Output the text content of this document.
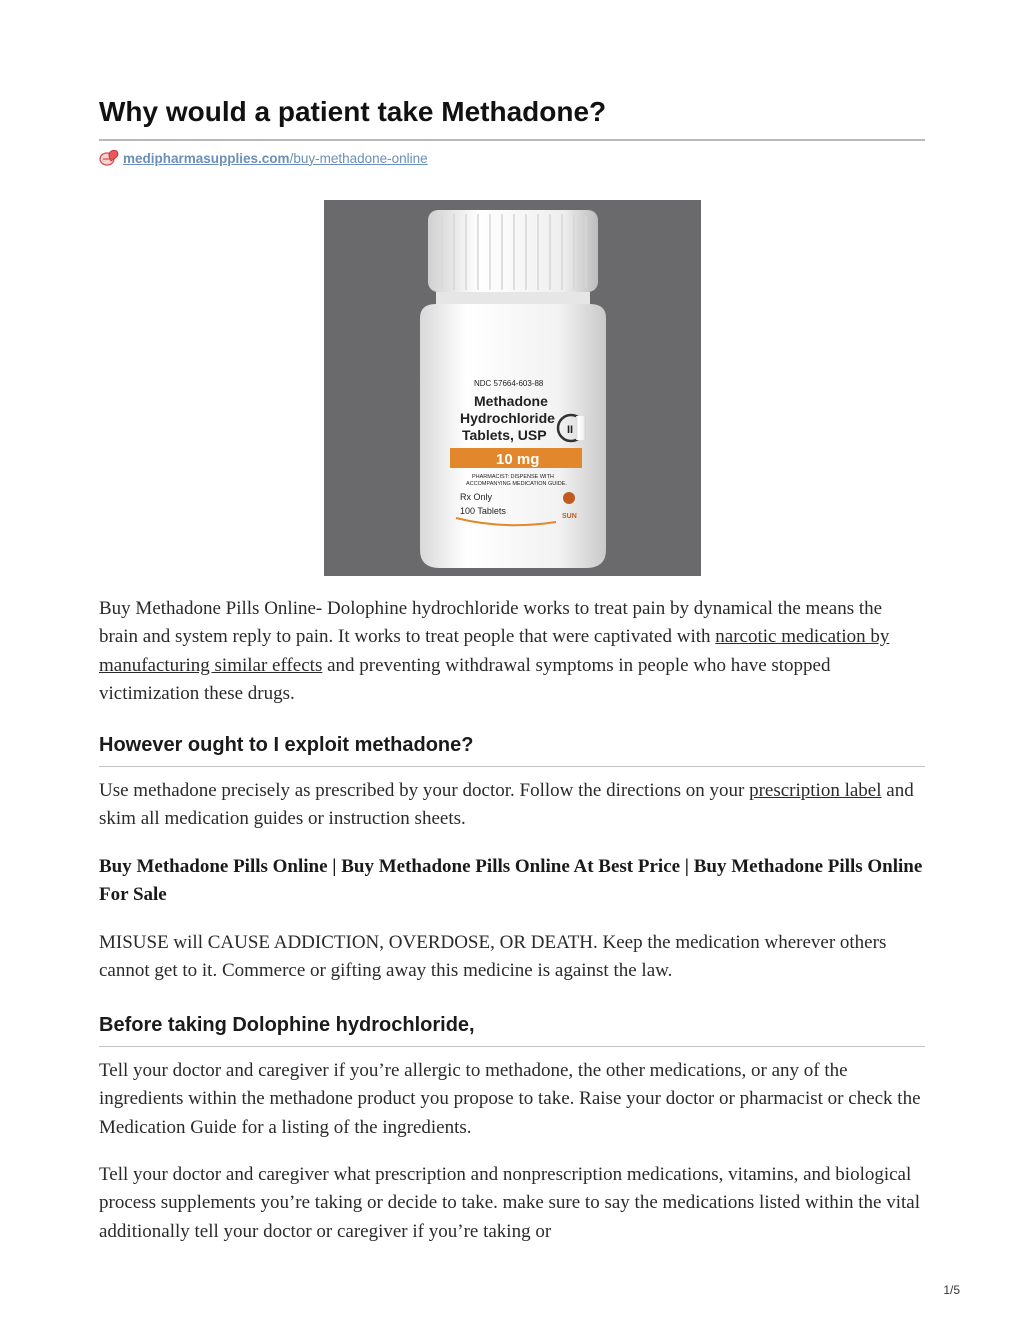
Why would a patient take Methadone?
medipharmasupplies.com/buy-methadone-online
NDC 57664-603-88
Methadone
Hydrochloride
Tablets, USP II
10 mg
PHARMACIST: DISPENSE WITH
ACCOMPANYING MEDICATION GUIDE.
Rx Only
100 Tablets
SUN

Buy Methadone Pills Online- Dolophine hydrochloride works to treat pain by dynamical the means the brain and system reply to pain. It works to treat people that were captivated with narcotic medication by manufacturing similar effects and preventing withdrawal symptoms in people who have stopped victimization these drugs.

However ought to I exploit methadone?

Use methadone precisely as prescribed by your doctor. Follow the directions on your prescription label and skim all medication guides or instruction sheets.

Buy Methadone Pills Online | Buy Methadone Pills Online At Best Price | Buy Methadone Pills Online For Sale

MISUSE will CAUSE ADDICTION, OVERDOSE, OR DEATH. Keep the medication wherever others cannot get to it. Commerce or gifting away this medicine is against the law.

Before taking Dolophine hydrochloride,

Tell your doctor and caregiver if you’re allergic to methadone, the other medications, or any of the ingredients within the methadone product you propose to take. Raise your doctor or pharmacist or check the Medication Guide for a listing of the ingredients.

Tell your doctor and caregiver what prescription and nonprescription medications, vitamins, and biological process supplements you’re taking or decide to take. make sure to say the medications listed within the vital additionally tell your doctor or caregiver if you’re taking or

1/5
